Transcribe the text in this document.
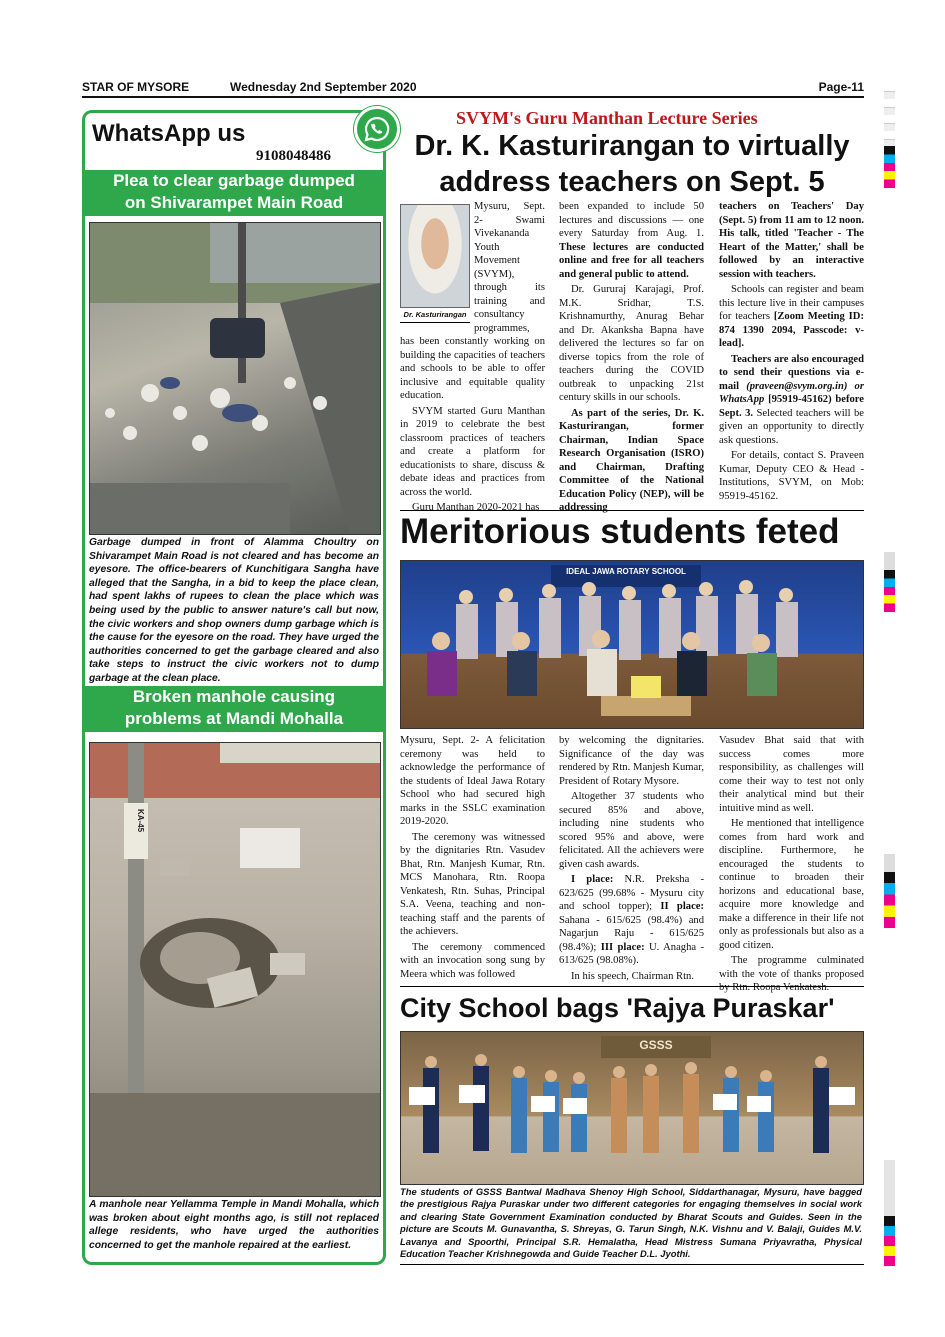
STAR OF MYSORE	Wednesday 2nd September 2020	Page-11
WhatsApp us
9108048486
Plea to clear garbage dumped
on Shivarampet Main Road
Garbage dumped in front of Alamma Choultry on Shivarampet Main Road is not cleared and has become an eyesore. The office-bearers of Kunchitigara Sangha have alleged that the Sangha, in a bid to keep the place clean, had spent lakhs of rupees to clean the place which was being used by the public to answer nature's call but now, the civic workers and shop owners dump garbage which is the cause for the eyesore on the road. They have urged the authorities concerned to get the garbage cleared and also take steps to instruct the civic workers not to dump garbage at the clean place.
Broken manhole causing
problems at Mandi Mohalla
KA-45
A manhole near Yellamma Temple in Mandi Mohalla, which was broken about eight months ago, is still not replaced allege residents, who have urged the authorities concerned to get the manhole repaired at the earliest.
SVYM's Guru Manthan Lecture Series
Dr. K. Kasturirangan to virtually
address teachers on Sept. 5
Dr. Kasturirangan

Mysuru, Sept. 2- Swami Vivekananda Youth Movement (SVYM), through its training and consultancy programmes, has been constantly working on building the capacities of teachers and schools to be able to offer inclusive and equitable quality education.

SVYM started Guru Manthan in 2019 to celebrate the best classroom practices of teachers and create a platform for educationists to share, discuss & debate ideas and practices from across the world.

Guru Manthan 2020-2021 has

been expanded to include 50 lectures and discussions — one every Saturday from Aug. 1. These lectures are conducted online and free for all teachers and general public to attend.

Dr. Gururaj Karajagi, Prof. M.K. Sridhar, T.S. Krishnamurthy, Anurag Behar and Dr. Akanksha Bapna have delivered the lectures so far on diverse topics from the role of teachers during the COVID outbreak to unpacking 21st century skills in our schools.

As part of the series, Dr. K. Kasturirangan, former Chairman, Indian Space Research Organisation (ISRO) and Chairman, Drafting Committee of the National Education Policy (NEP), will be addressing

teachers on Teachers' Day (Sept. 5) from 11 am to 12 noon. His talk, titled 'Teacher - The Heart of the Matter,' shall be followed by an interactive session with teachers.

Schools can register and beam this lecture live in their campuses for teachers [Zoom Meeting ID: 874 1390 2094, Passcode: v-lead].

Teachers are also encouraged to send their questions via e-mail (praveen@svym.org.in) or WhatsApp [95919-45162) before Sept. 3. Selected teachers will be given an opportunity to directly ask questions.

For details, contact S. Praveen Kumar, Deputy CEO & Head - Institutions, SVYM, on Mob: 95919-45162.

Meritorious students feted
IDEAL JAWA ROTARY SCHOOL

Mysuru, Sept. 2- A felicitation ceremony was held to acknowledge the performance of the students of Ideal Jawa Rotary School who had secured high marks in the SSLC examination 2019-2020.

The ceremony was witnessed by the dignitaries Rtn. Vasudev Bhat, Rtn. Manjesh Kumar, Rtn. MCS Manohara, Rtn. Roopa Venkatesh, Rtn. Suhas, Principal S.A. Veena, teaching and non-teaching staff and the parents of the achievers.

The ceremony commenced with an invocation song sung by Meera which was followed

by welcoming the dignitaries. Significance of the day was rendered by Rtn. Manjesh Kumar, President of Rotary Mysore.

Altogether 37 students who secured 85% and above, including nine students who scored 95% and above, were felicitated. All the achievers were given cash awards.

I place: N.R. Preksha - 623/625 (99.68% - Mysuru city and school topper); II place: Sahana - 615/625 (98.4%) and Nagarjun Raju - 615/625 (98.4%); III place: U. Anagha - 613/625 (98.08%).

In his speech, Chairman Rtn.

Vasudev Bhat said that with success comes more responsibility, as challenges will come their way to test not only their analytical mind but their intuitive mind as well.

He mentioned that intelligence comes from hard work and discipline. Furthermore, he encouraged the students to continue to broaden their horizons and educational base, acquire more knowledge and make a difference in their life not only as professionals but also as a good citizen.

The programme culminated with the vote of thanks proposed by Rtn. Roopa Venkatesh.

City School bags 'Rajya Puraskar'
GSSS
The students of GSSS Bantwal Madhava Shenoy High School, Siddarthanagar, Mysuru, have bagged the prestigious Rajya Puraskar under two different categories for engaging themselves in social work and clearing State Government Examination conducted by Bharat Scouts and Guides. Seen in the picture are Scouts M. Gunavantha, S. Shreyas, G. Tarun Singh, N.K. Vishnu and V. Balaji, Guides M.V. Lavanya and Spoorthi, Principal S.R. Hemalatha, Head Mistress Sumana Priyavratha, Physical Education Teacher Krishnegowda and Guide Teacher D.L. Jyothi.
